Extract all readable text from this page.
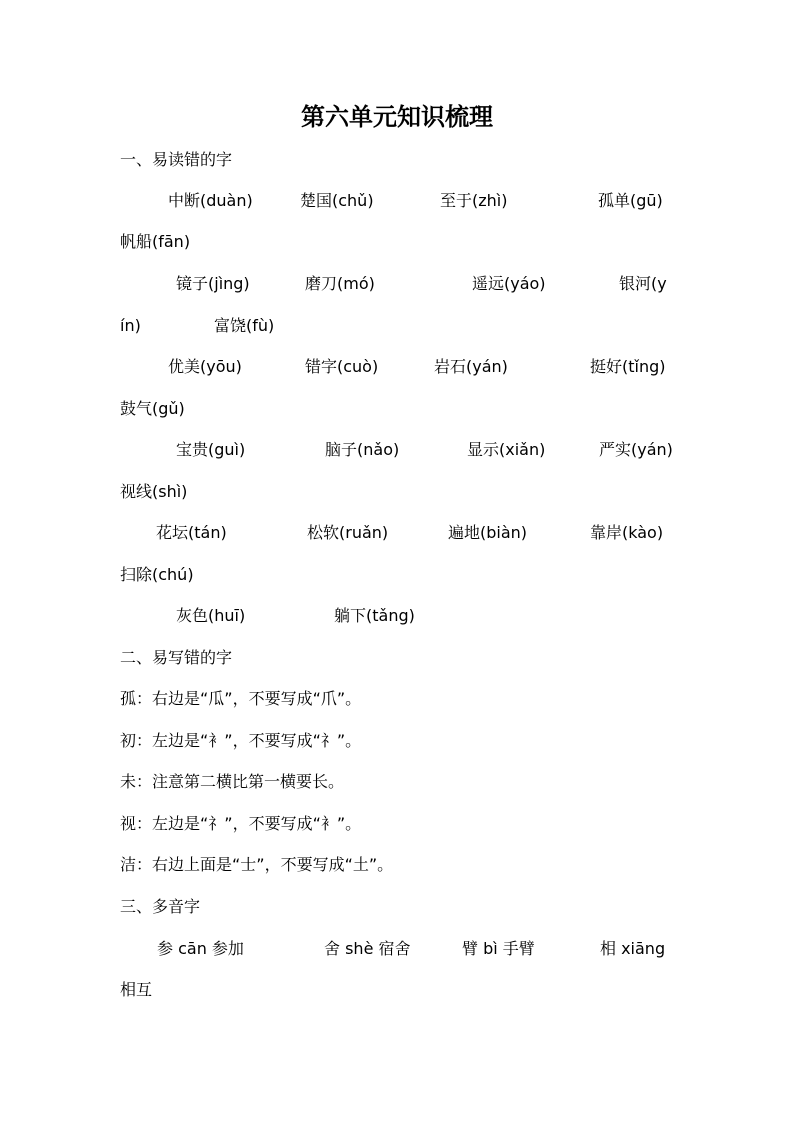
第六单元知识梳理
一、易读错的字
中断(duàn)	楚国(chǔ)	至于(zhì)	孤单(gū)
帆船(fān)
镜子(jìng)	磨刀(mó)	遥远(yáo)	银河(y
ín)	富饶(fù)
优美(yōu)	错字(cuò)	岩石(yán)	挺好(tǐng)
鼓气(gǔ)
宝贵(guì)	脑子(nǎo)	显示(xiǎn)	严实(yán)
视线(shì)
花坛(tán)	松软(ruǎn)	遍地(biàn)	靠岸(kào)
扫除(chú)
灰色(huī)	躺下(tǎng)
二、易写错的字
孤：右边是“瓜”，不要写成“爪”。
初：左边是“衤”，不要写成“礻”。
未：注意第二横比第一横要长。
视：左边是“礻”，不要写成“衤”。
洁：右边上面是“士”，不要写成“土”。
三、多音字
参 cān 参加	舍 shè 宿舍	臂 bì 手臂	相 xiāng
相互
